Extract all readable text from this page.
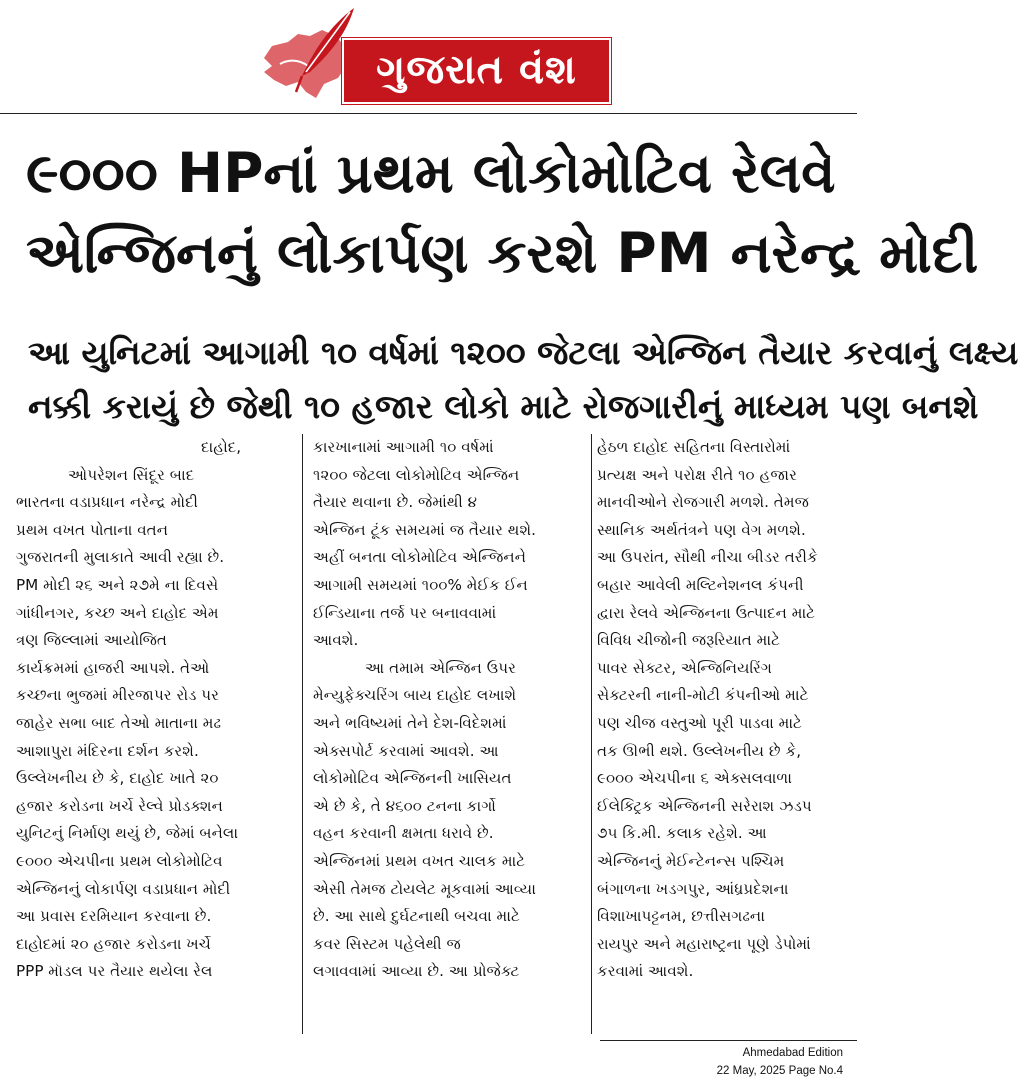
ગુજરાત વંશ
૯૦૦૦ HPનાં પ્રથમ લોકોમોટિવ રેલવે
એન્જિનનું લોકાર્પણ કરશે PM નરેન્દ્ર મોદી
આ યુનિટમાં આગામી ૧૦ વર્ષમાં ૧૨૦૦ જેટલા એન્જિન તૈયાર કરવાનું લક્ષ્ય
નક્કી કરાયું છે જેથી ૧૦ હજાર લોકો માટે રોજગારીનું માધ્યમ પણ બનશે

દાહોદ,

ઓપરેશન સિંદૂર બાદ

ભારતના વડાપ્રધાન નરેન્દ્ર મોદી

પ્રથમ વખત પોતાના વતન

ગુજરાતની મુલાકાતે આવી રહ્યા છે.

PM મોદી ૨૬ અને ૨૭મે ના દિવસે

ગાંધીનગર, કચ્છ અને દાહોદ એમ

ત્રણ જિલ્લામાં આયોજિત

કાર્યક્રમમાં હાજરી આપશે. તેઓ

કચ્છના ભુજમાં મીરજાપર રોડ પર

જાહેર સભા બાદ તેઓ માતાના મઢ

આશાપુરા મંદિરના દર્શન કરશે.

ઉલ્લેખનીય છે કે, દાહોદ ખાતે ૨૦

હજાર કરોડના ખર્ચે રેલ્વે પ્રોડક્શન

યુનિટનું નિર્માણ થયું છે, જેમાં બનેલા

૯૦૦૦ એચપીના પ્રથમ લોકોમોટિવ

એન્જિનનું લોકાર્પણ વડાપ્રધાન મોદી

આ પ્રવાસ દરમિયાન કરવાના છે.

દાહોદમાં ૨૦ હજાર કરોડના ખર્ચે

PPP મૉડલ પર તૈયાર થયેલા રેલ

કારખાનામાં આગામી ૧૦ વર્ષમાં

૧૨૦૦ જેટલા લોકોમોટિવ એન્જિન

તૈયાર થવાના છે. જેમાંથી ૪

એન્જિન ટૂંક સમયમાં જ તૈયાર થશે.

અહીં બનતા લોકોમોટિવ એન્જિનને

આગામી સમયમાં ૧૦૦% મેઈક ઈન

ઈન્ડિયાના તર્જ પર બનાવવામાં

આવશે.

આ તમામ એન્જિન ઉપર

મેન્યુફેક્ચરિંગ બાય દાહોદ લખાશે

અને ભવિષ્યમાં તેને દેશ-વિદેશમાં

એક્સપોર્ટ કરવામાં આવશે. આ

લોકોમોટિવ એન્જિનની ખાસિયત

એ છે કે, તે ૪૬૦૦ ટનના કાર્ગો

વહન કરવાની ક્ષમતા ધરાવે છે.

એન્જિનમાં પ્રથમ વખત ચાલક માટે

એસી તેમજ ટોયલેટ મૂકવામાં આવ્યા

છે. આ સાથે દુર્ઘટનાથી બચવા માટે

કવર સિસ્ટમ પહેલેથી જ

લગાવવામાં આવ્યા છે. આ પ્રોજેક્ટ

હેઠળ દાહોદ સહિતના વિસ્તારોમાં

પ્રત્યક્ષ અને પરોક્ષ રીતે ૧૦ હજાર

માનવીઓને રોજગારી મળશે. તેમજ

સ્થાનિક અર્થતંત્રને પણ વેગ મળશે.

આ ઉપરાંત, સૌથી નીચા બીડર તરીકે

બહાર આવેલી મલ્ટિનેશનલ કંપની

દ્વારા રેલવે એન્જિનના ઉત્પાદન માટે

વિવિધ ચીજોની જરૂરિયાત માટે

પાવર સેક્ટર, એન્જિનિયરિંગ

સેક્ટરની નાની-મોટી કંપનીઓ માટે

પણ ચીજ વસ્તુઓ પૂરી પાડવા માટે

તક ઊભી થશે. ઉલ્લેખનીય છે કે,

૯૦૦૦ એચપીના ૬ એક્સલવાળા

ઈલેક્ટ્રિક એન્જિનની સરેરાશ ઝડપ

૭૫ કિ.મી. કલાક રહેશે. આ

એન્જિનનું મેઈન્ટેનન્સ પશ્ચિમ

બંગાળના ખડગપુર, આંધ્રપ્રદેશના

વિશાખાપટ્ટનમ, છત્તીસગઢના

રાયપુર અને મહારાષ્ટ્રના પૂણે ડેપોમાં

કરવામાં આવશે.

Ahmedabad Edition
22 May, 2025 Page No.4
